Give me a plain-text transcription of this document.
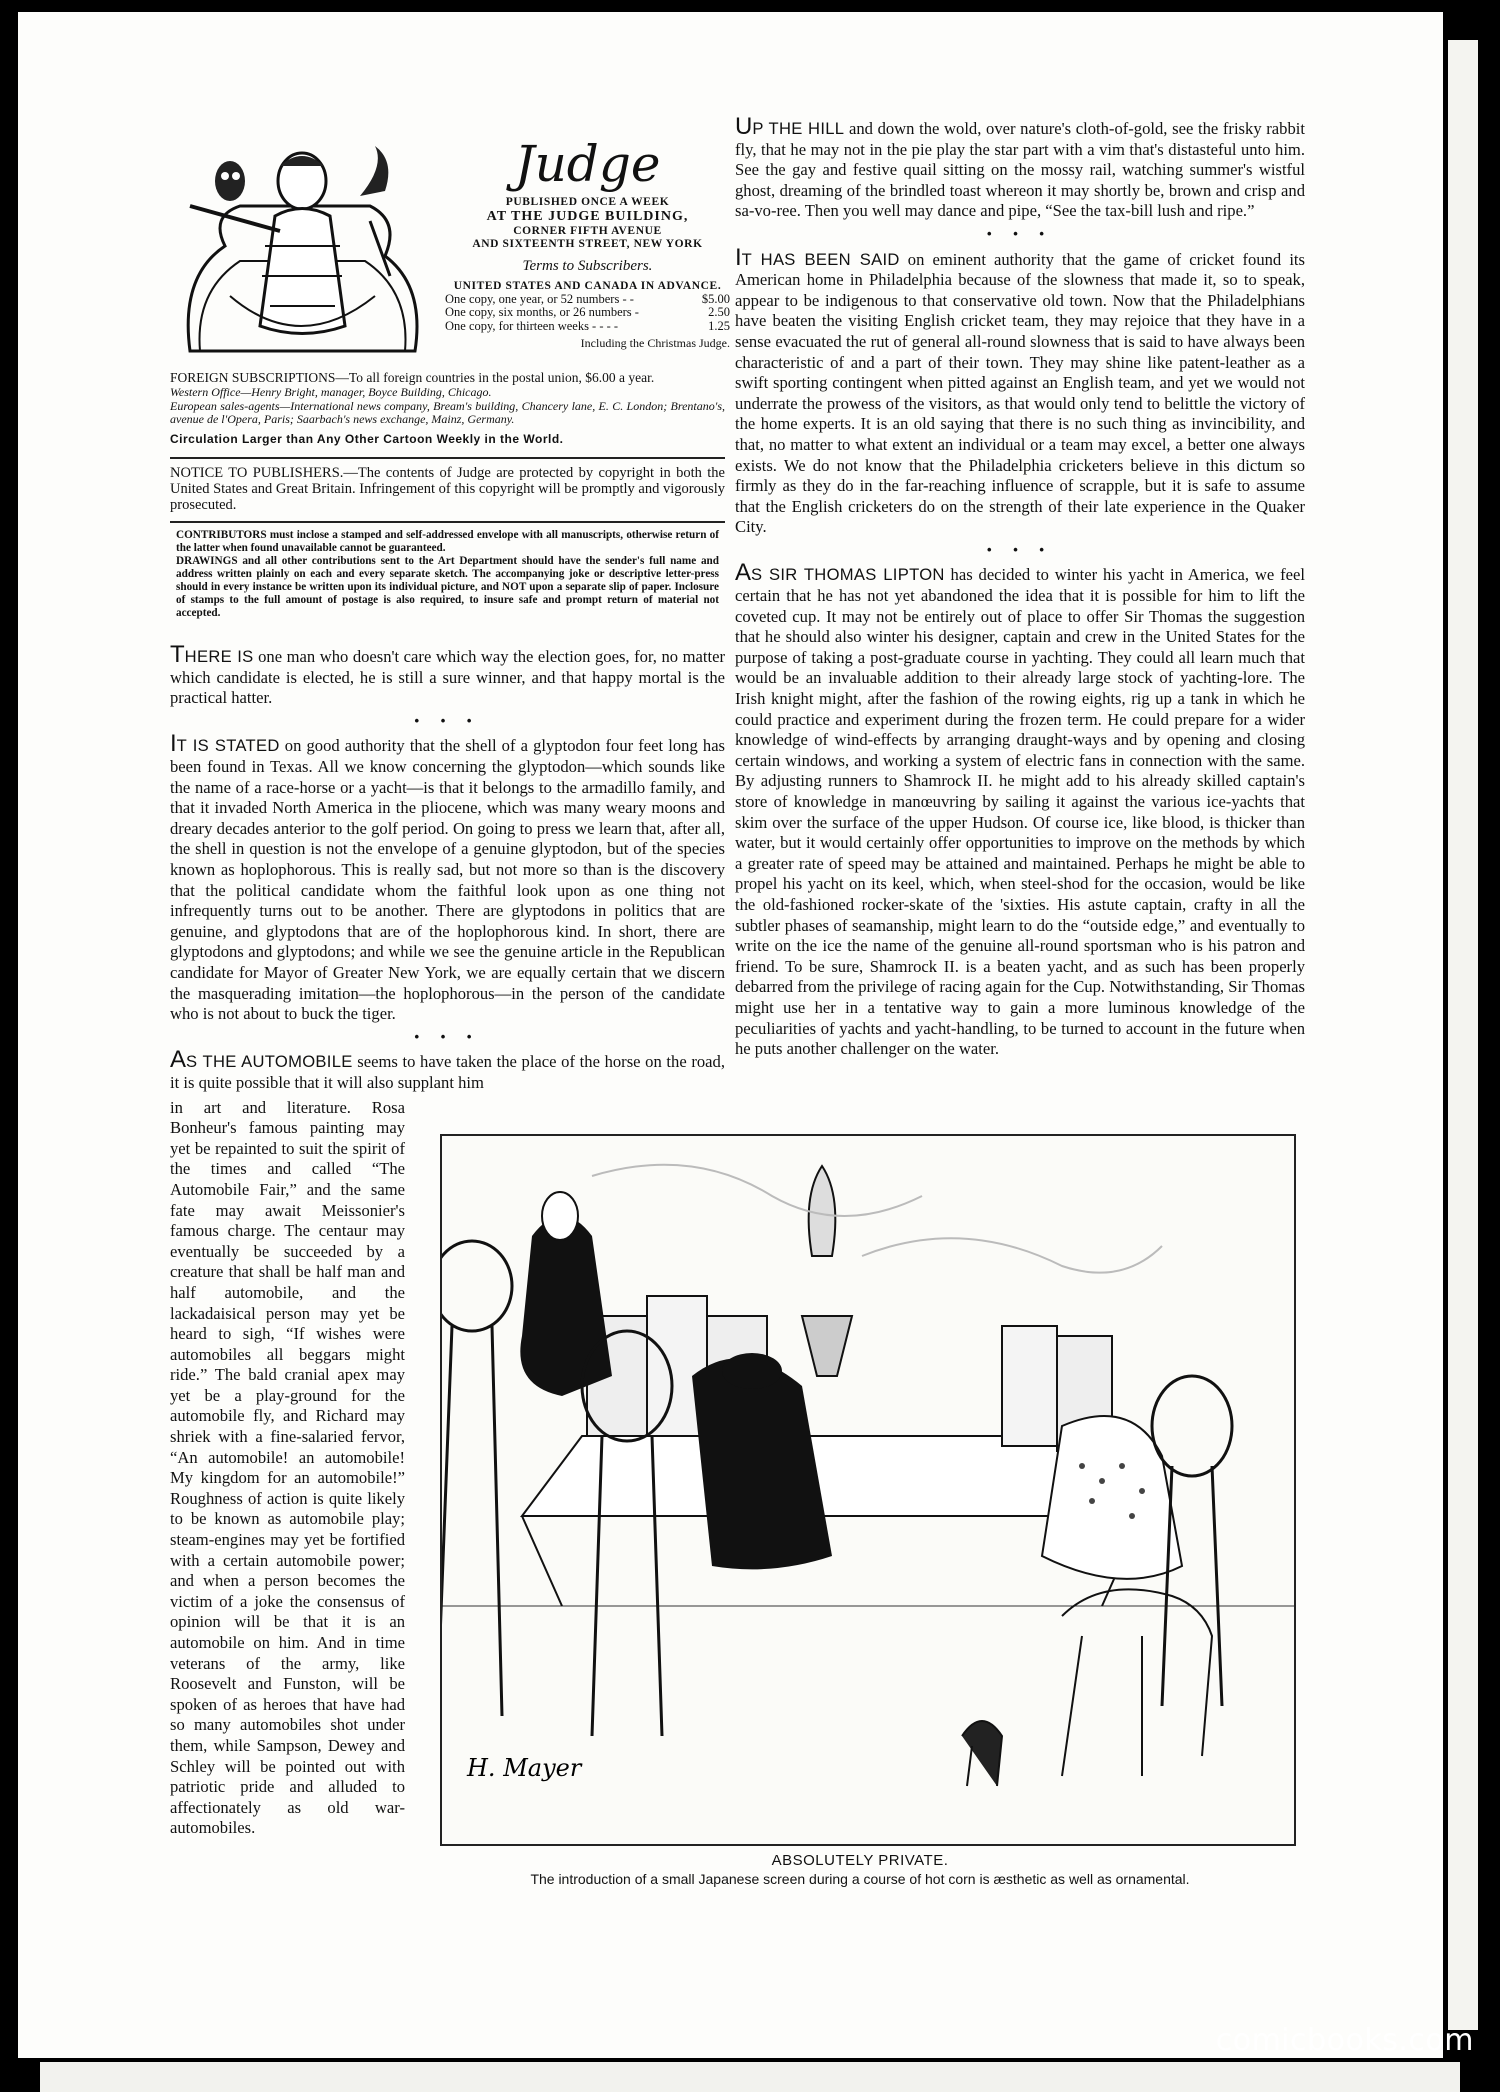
Judge
PUBLISHED ONCE A WEEK
AT THE JUDGE BUILDING,
CORNER FIFTH AVENUE
AND SIXTEENTH STREET, NEW YORK
Terms to Subscribers.
UNITED STATES AND CANADA IN ADVANCE.
One copy, one year, or 52 numbers - -	$5.00
One copy, six months, or 26 numbers -	2.50
One copy, for thirteen weeks - - - -	1.25
Including the Christmas Judge.
FOREIGN SUBSCRIPTIONS—To all foreign countries in the postal union, $6.00 a year.
Western Office—Henry Bright, manager, Boyce Building, Chicago.
European sales-agents—International news company, Bream's building, Chancery lane, E. C. London; Brentano's, avenue de l'Opera, Paris; Saarbach's news exchange, Mainz, Germany.
Circulation Larger than Any Other Cartoon Weekly in the World.
NOTICE TO PUBLISHERS.—The contents of Judge are protected by copyright in both the United States and Great Britain. Infringement of this copyright will be promptly and vigorously prosecuted.
CONTRIBUTORS must inclose a stamped and self-addressed envelope with all manuscripts, otherwise return of the latter when found unavailable cannot be guaranteed.
DRAWINGS and all other contributions sent to the Art Department should have the sender's full name and address written plainly on each and every separate sketch. The accompanying joke or descriptive letter-press should in every instance be written upon its individual picture, and NOT upon a separate slip of paper. Inclosure of stamps to the full amount of postage is also required, to insure safe and prompt return of material not accepted.

THERE IS one man who doesn't care which way the election goes, for, no matter which candidate is elected, he is still a sure winner, and that happy mortal is the practical hatter.

• • •

IT IS STATED on good authority that the shell of a glyptodon four feet long has been found in Texas. All we know concerning the glyptodon—which sounds like the name of a race-horse or a yacht—is that it belongs to the armadillo family, and that it invaded North America in the pliocene, which was many weary moons and dreary decades anterior to the golf period. On going to press we learn that, after all, the shell in question is not the envelope of a genuine glyptodon, but of the species known as hoplophorous. This is really sad, but not more so than is the discovery that the political candidate whom the faithful look upon as one thing not infrequently turns out to be another. There are glyptodons in politics that are genuine, and glyptodons that are of the hoplophorous kind. In short, there are glyptodons and glyptodons; and while we see the genuine article in the Republican candidate for Mayor of Greater New York, we are equally certain that we discern the masquerading imitation—the hoplophorous—in the person of the candidate who is not about to buck the tiger.

• • •

AS THE AUTOMOBILE seems to have taken the place of the horse on the road, it is quite possible that it will also supplant him

in art and literature. Rosa Bonheur's famous painting may yet be repainted to suit the spirit of the times and called “The Automobile Fair,” and the same fate may await Meissonier's famous charge. The centaur may eventually be succeeded by a creature that shall be half man and half automobile, and the lackadaisical person may yet be heard to sigh, “If wishes were automobiles all beggars might ride.” The bald cranial apex may yet be a play-ground for the automobile fly, and Richard may shriek with a fine-salaried fervor, “An automobile! an automobile! My kingdom for an automobile!” Roughness of action is quite likely to be known as automobile play; steam-engines may yet be fortified with a certain automobile power; and when a person becomes the victim of a joke the consensus of opinion will be that it is an automobile on him. And in time veterans of the army, like Roosevelt and Funston, will be spoken of as heroes that have had so many automobiles shot under them, while Sampson, Dewey and Schley will be pointed out with patriotic pride and alluded to affectionately as old war-automobiles.

UP THE HILL and down the wold, over nature's cloth-of-gold, see the frisky rabbit fly, that he may not in the pie play the star part with a vim that's distasteful unto him. See the gay and festive quail sitting on the mossy rail, watching summer's wistful ghost, dreaming of the brindled toast whereon it may shortly be, brown and crisp and sa-vo-ree. Then you well may dance and pipe, “See the tax-bill lush and ripe.”

• • •

IT HAS BEEN SAID on eminent authority that the game of cricket found its American home in Philadelphia because of the slowness that made it, so to speak, appear to be indigenous to that conservative old town. Now that the Philadelphians have beaten the visiting English cricket team, they may rejoice that they have in a sense evacuated the rut of general all-round slowness that is said to have always been characteristic of and a part of their town. They may shine like patent-leather as a swift sporting contingent when pitted against an English team, and yet we would not underrate the prowess of the visitors, as that would only tend to belittle the victory of the home experts. It is an old saying that there is no such thing as invincibility, and that, no matter to what extent an individual or a team may excel, a better one always exists. We do not know that the Philadelphia cricketers believe in this dictum so firmly as they do in the far-reaching influence of scrapple, but it is safe to assume that the English cricketers do on the strength of their late experience in the Quaker City.

• • •

AS SIR THOMAS LIPTON has decided to winter his yacht in America, we feel certain that he has not yet abandoned the idea that it is possible for him to lift the coveted cup. It may not be entirely out of place to offer Sir Thomas the suggestion that he should also winter his designer, captain and crew in the United States for the purpose of taking a post-graduate course in yachting. They could all learn much that would be an invaluable addition to their already large stock of yachting-lore. The Irish knight might, after the fashion of the rowing eights, rig up a tank in which he could practice and experiment during the frozen term. He could prepare for a wider knowledge of wind-effects by arranging draught-ways and by opening and closing certain windows, and working a system of electric fans in connection with the same. By adjusting runners to Shamrock II. he might add to his already skilled captain's store of knowledge in manœuvring by sailing it against the various ice-yachts that skim over the surface of the upper Hudson. Of course ice, like blood, is thicker than water, but it would certainly offer opportunities to improve on the methods by which a greater rate of speed may be attained and maintained. Perhaps he might be able to propel his yacht on its keel, which, when steel-shod for the occasion, would be like the old-fashioned rocker-skate of the 'sixties. His astute captain, crafty in all the subtler phases of seamanship, might learn to do the “outside edge,” and eventually to write on the ice the name of the genuine all-round sportsman who is his patron and friend. To be sure, Shamrock II. is a beaten yacht, and as such has been properly debarred from the privilege of racing again for the Cup. Notwithstanding, Sir Thomas might use her in a tentative way to gain a more luminous knowledge of the peculiarities of yachts and yacht-handling, to be turned to account in the future when he puts another challenger on the water.

H. Mayer
ABSOLUTELY PRIVATE.
The introduction of a small Japanese screen during a course of hot corn is æsthetic as well as ornamental.
comicbooks.com
